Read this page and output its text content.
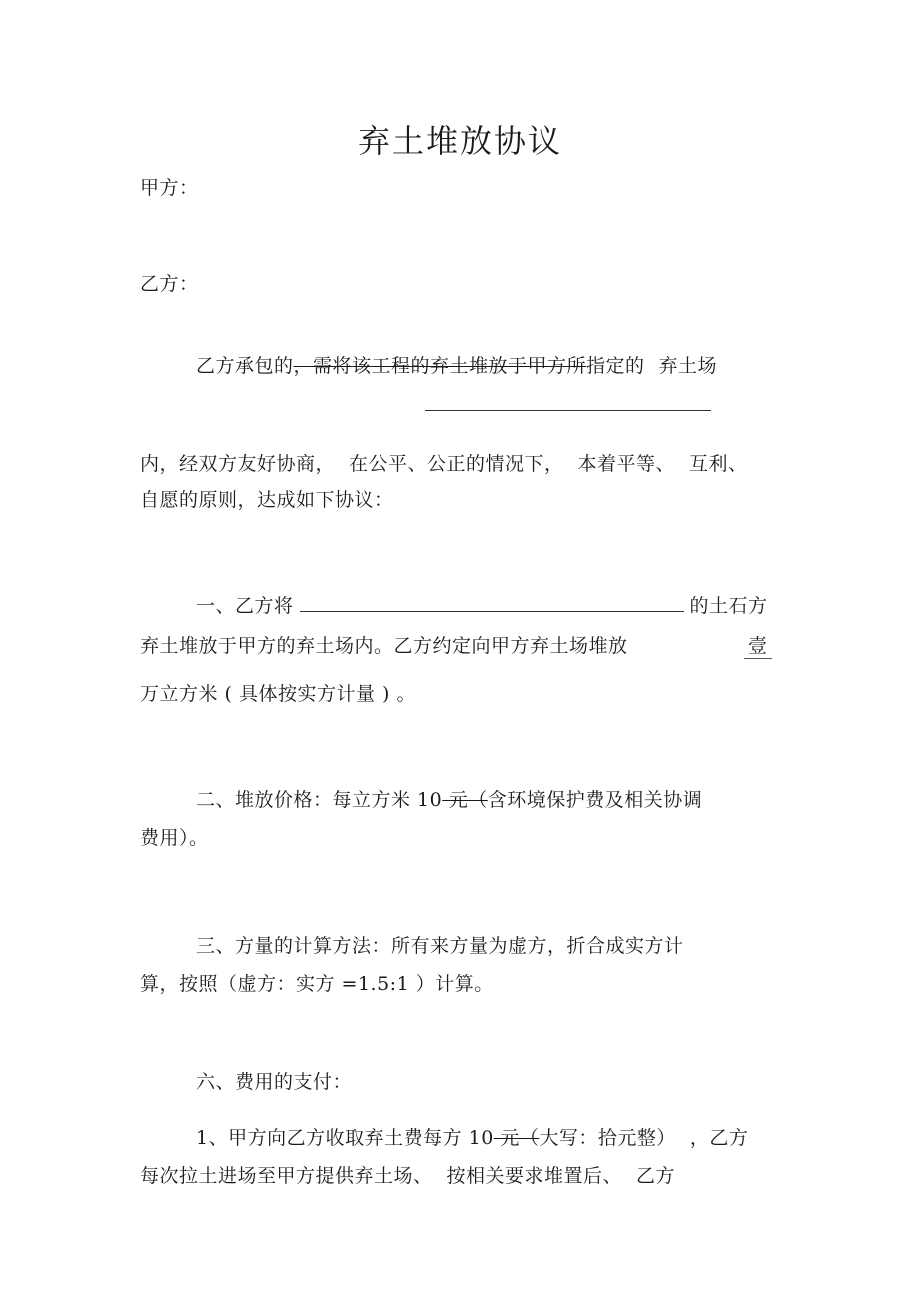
弃土堆放协议
甲方：
乙方：
乙方承包的，需将该工程的弃土堆放于甲方所指定的 弃土场
内，经双方友好协商， 在公平、公正的情况下， 本着平等、 互利、
自愿的原则，达成如下协议：
一、乙方将	的土石方
弃土堆放于甲方的弃土场内。乙方约定向甲方弃土场堆放	壹
万立方米 ( 具体按实方计量 ) 。
二、堆放价格：每立方米 10 元（含环境保护费及相关协调
费用）。
三、方量的计算方法：所有来方量为虚方，折合成实方计
算，按照（虚方：实方 =1.5:1 ）计算。
六、费用的支付：
1、甲方向乙方收取弃土费每方 10 元（大写：拾元整） ，乙方
每次拉土进场至甲方提供弃土场、 按相关要求堆置后、 乙方
